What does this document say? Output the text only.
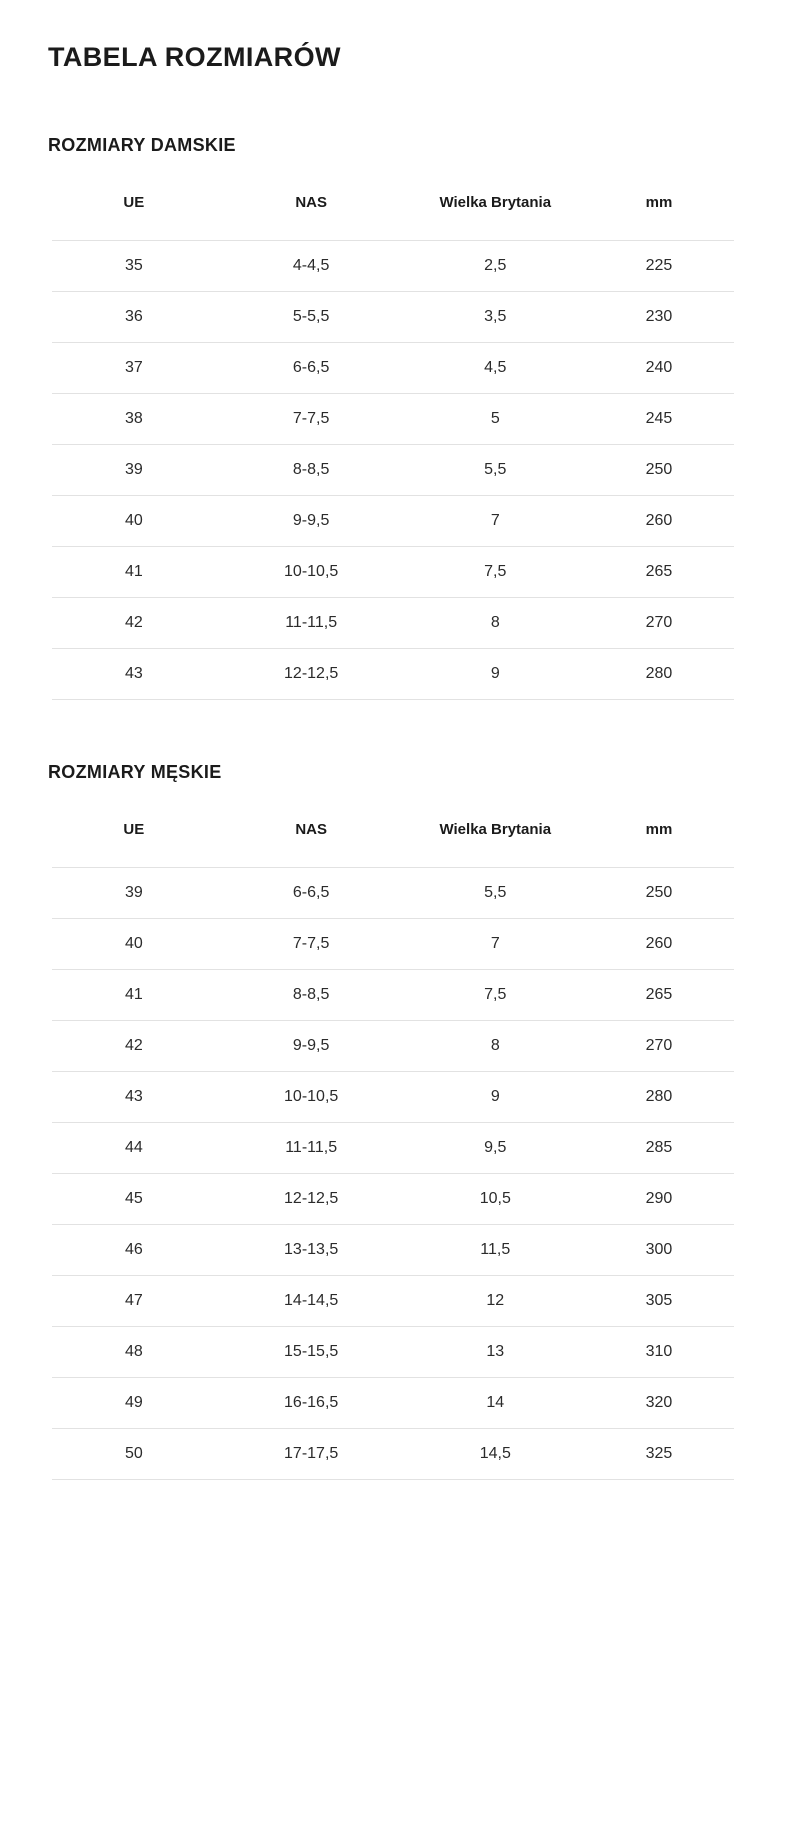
TABELA ROZMIARÓW
ROZMIARY DAMSKIE
UE	NAS	Wielka Brytania	mm
35	4-4,5	2,5	225
36	5-5,5	3,5	230
37	6-6,5	4,5	240
38	7-7,5	5	245
39	8-8,5	5,5	250
40	9-9,5	7	260
41	10-10,5	7,5	265
42	11-11,5	8	270
43	12-12,5	9	280
ROZMIARY MĘSKIE
UE	NAS	Wielka Brytania	mm
39	6-6,5	5,5	250
40	7-7,5	7	260
41	8-8,5	7,5	265
42	9-9,5	8	270
43	10-10,5	9	280
44	11-11,5	9,5	285
45	12-12,5	10,5	290
46	13-13,5	11,5	300
47	14-14,5	12	305
48	15-15,5	13	310
49	16-16,5	14	320
50	17-17,5	14,5	325
